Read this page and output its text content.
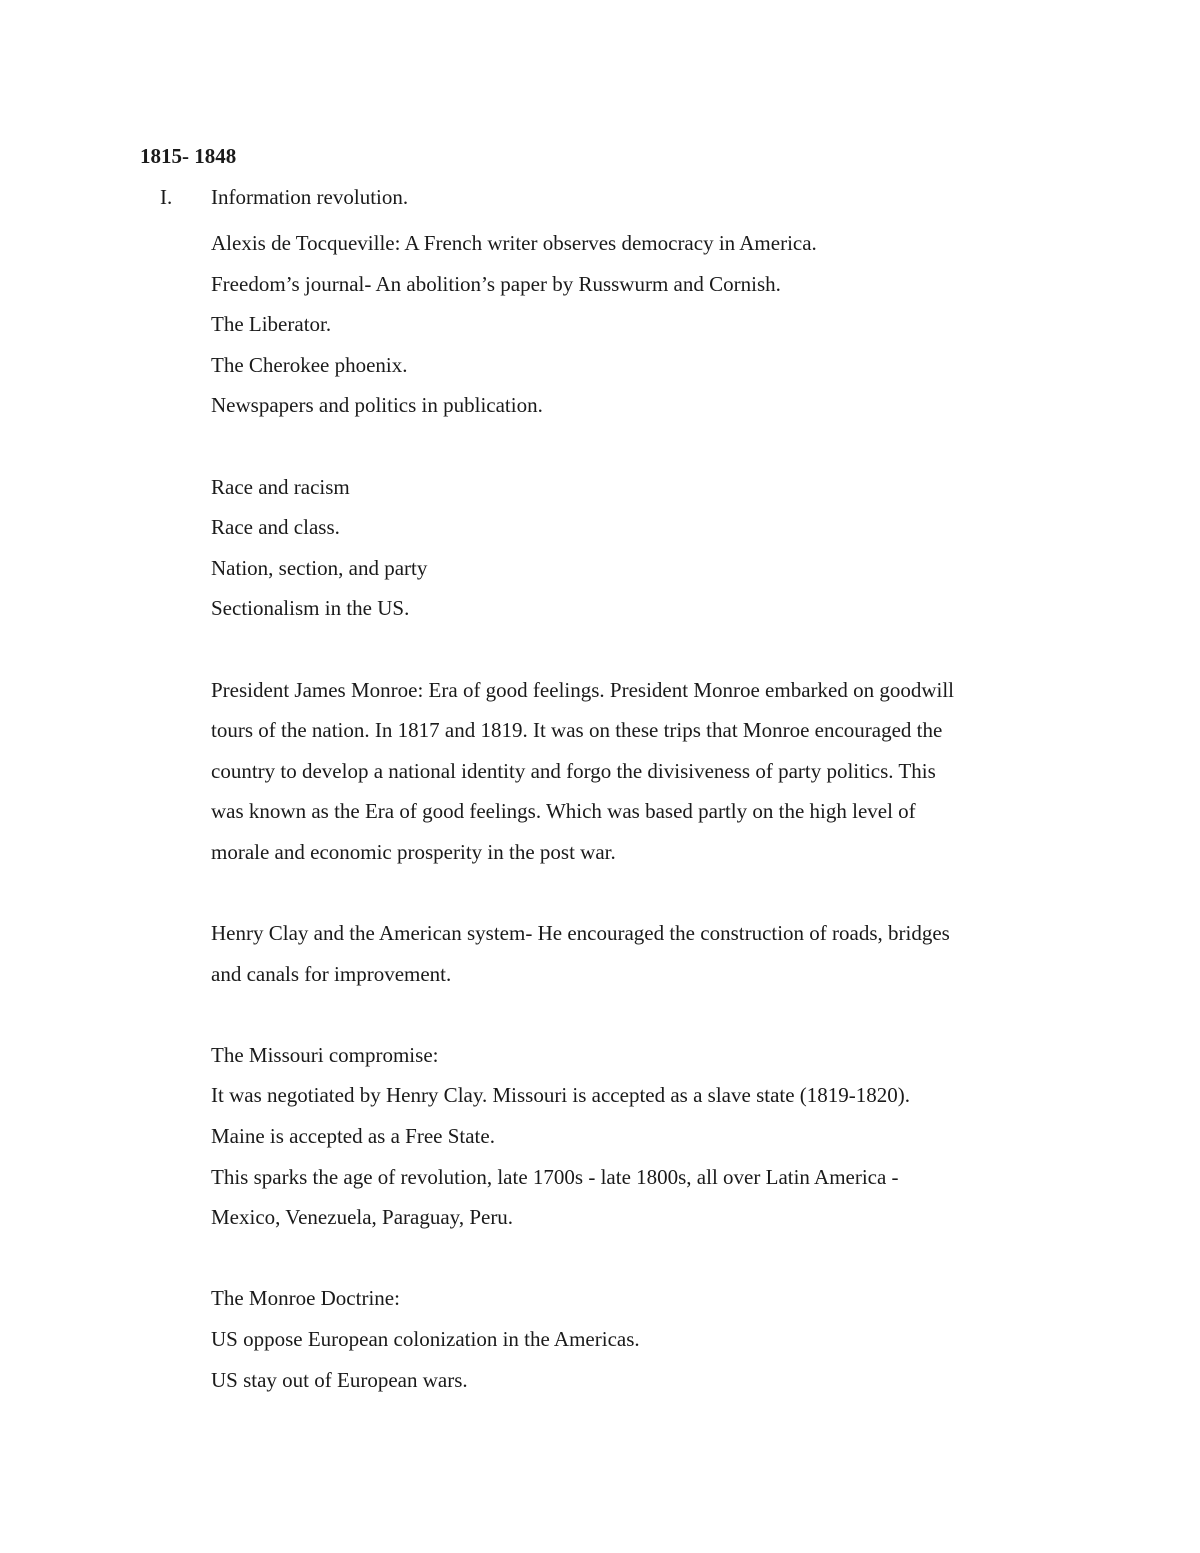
1815- 1848
I. Information revolution.
Alexis de Tocqueville: A French writer observes democracy in America.
Freedom’s journal- An abolition’s paper by Russwurm and Cornish.
The Liberator.
The Cherokee phoenix.
Newspapers and politics in publication.
Race and racism
Race and class.
Nation, section, and party
Sectionalism in the US.
President James Monroe: Era of good feelings. President Monroe embarked on goodwill
tours of the nation. In 1817 and 1819. It was on these trips that Monroe encouraged the
country to develop a national identity and forgo the divisiveness of party politics. This
was known as the Era of good feelings. Which was based partly on the high level of
morale and economic prosperity in the post war.
Henry Clay and the American system- He encouraged the construction of roads, bridges
and canals for improvement.
The Missouri compromise:
It was negotiated by Henry Clay. Missouri is accepted as a slave state (1819-1820).
Maine is accepted as a Free State.
This sparks the age of revolution, late 1700s - late 1800s, all over Latin America -
Mexico, Venezuela, Paraguay, Peru.
The Monroe Doctrine:
US oppose European colonization in the Americas.
US stay out of European wars.
